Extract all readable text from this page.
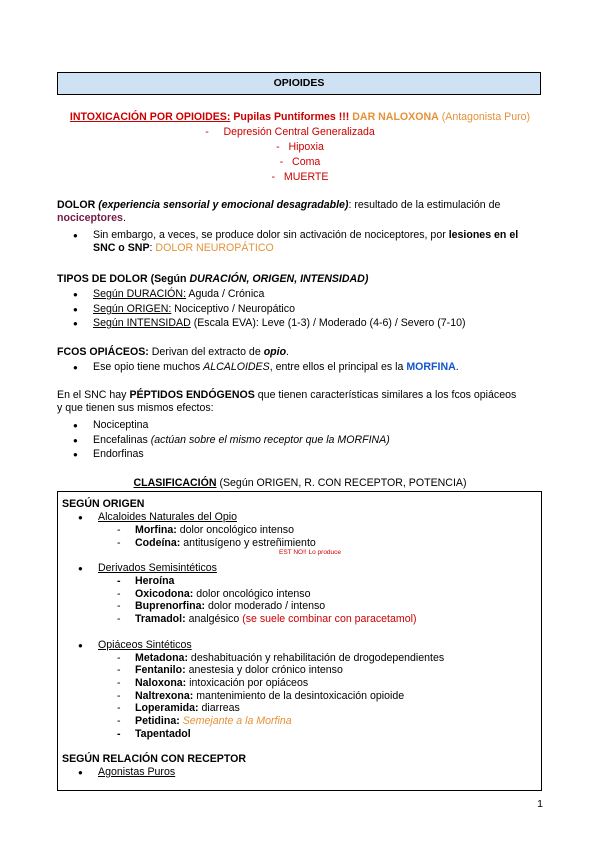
OPIOIDES
INTOXICACIÓN POR OPIOIDES: Pupilas Puntiformes !!! DAR NALOXONA (Antagonista Puro)
-     Depresión Central Generalizada
-   Hipoxia
-   Coma
-   MUERTE
DOLOR (experiencia sensorial y emocional desagradable): resultado de la estimulación de
nociceptores.
● Sin embargo, a veces, se produce dolor sin activación de nociceptores, por lesiones en el
SNC o SNP: DOLOR NEUROPÁTICO
TIPOS DE DOLOR (Según DURACIÓN, ORIGEN, INTENSIDAD)
● Según DURACIÓN: Aguda / Crónica
● Según ORIGEN: Nociceptivo / Neuropático
● Según INTENSIDAD (Escala EVA): Leve (1-3) / Moderado (4-6) / Severo (7-10)
FCOS OPIÁCEOS: Derivan del extracto de opio.
● Ese opio tiene muchos ALCALOIDES, entre ellos el principal es la MORFINA.
En el SNC hay PÉPTIDOS ENDÓGENOS que tienen características similares a los fcos opiáceos
y que tienen sus mismos efectos:
● Nociceptina
● Encefalinas (actúan sobre el mismo receptor que la MORFINA)
● Endorfinas
CLASIFICACIÓN (Según ORIGEN, R. CON RECEPTOR, POTENCIA)
SEGÚN ORIGEN
● Alcaloides Naturales del Opio
- Morfina: dolor oncológico intenso
- Codeína: antitusígeno y estreñimiento
EST NO!! Lo produce
● Derivados Semisintéticos
- Heroína
- Oxicodona: dolor oncológico intenso
- Buprenorfina: dolor moderado / intenso
- Tramadol: analgésico (se suele combinar con paracetamol)
● Opiáceos Sintéticos
- Metadona: deshabituación y rehabilitación de drogodependientes
- Fentanilo: anestesia y dolor crónico intenso
- Naloxona: intoxicación por opiáceos
- Naltrexona: mantenimiento de la desintoxicación opioide
- Loperamida: diarreas
- Petidina: Semejante a la Morfina
- Tapentadol
SEGÚN RELACIÓN CON RECEPTOR
● Agonistas Puros
1
